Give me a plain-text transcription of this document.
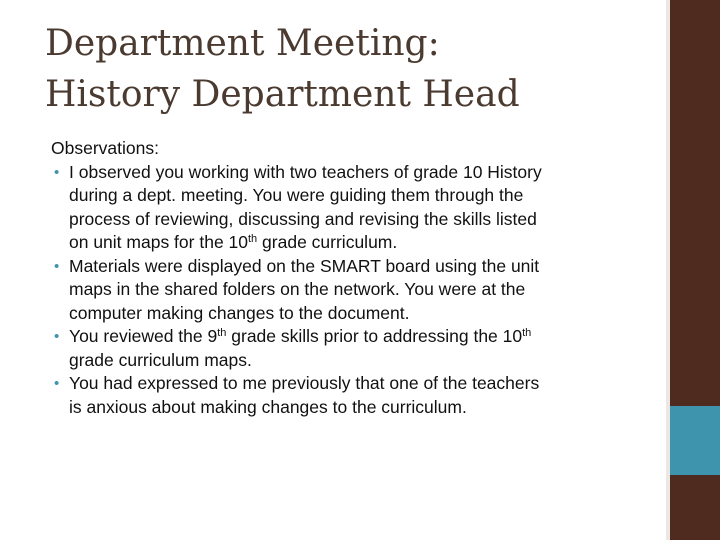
Department Meeting:
History Department Head

Observations:

• I observed you working with two teachers of grade 10 History
during a dept. meeting. You were guiding them through the
process of reviewing, discussing and revising the skills listed
on unit maps for the 10th grade curriculum.
• Materials were displayed on the SMART board using the unit
maps in the shared folders on the network. You were at the
computer making changes to the document.
• You reviewed the 9th grade skills prior to addressing the 10th
grade curriculum maps.
• You had expressed to me previously that one of the teachers
is anxious about making changes to the curriculum.
